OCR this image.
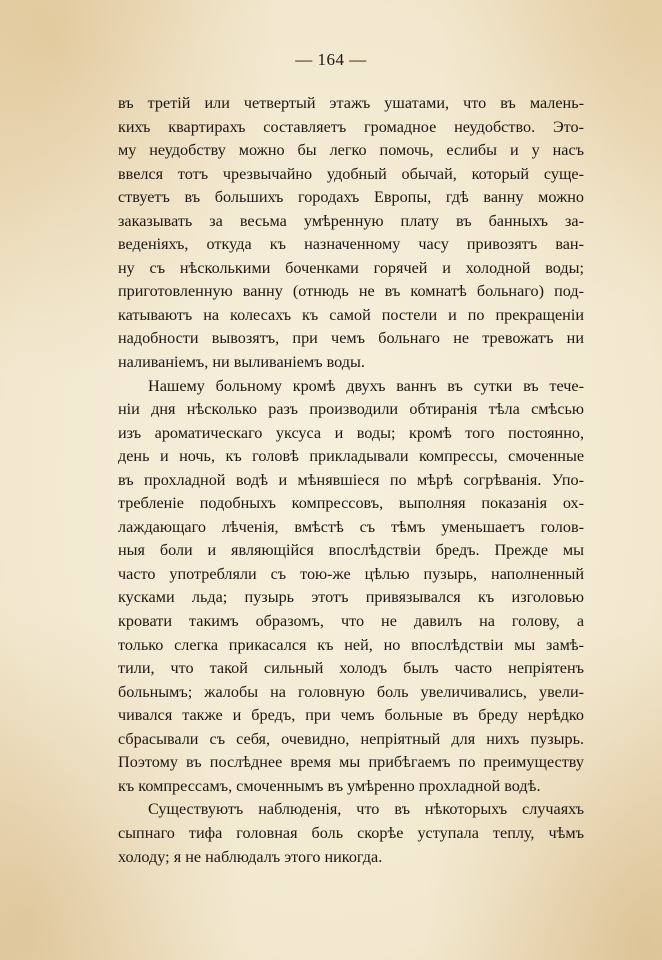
— 164 —
въ третій или четвертый этажъ ушатами, что въ малень-
кихъ квартирахъ составляетъ громадное неудобство. Это-
му неудобству можно бы легко помочь, еслибы и у насъ
ввелся тотъ чрезвычайно удобный обычай, который суще-
ствуетъ въ большихъ городахъ Европы, гдѣ ванну можно
заказывать за весьма умѣренную плату въ банныхъ за-
веденіяхъ, откуда къ назначенному часу привозятъ ван-
ну съ нѣсколькими боченками горячей и холодной воды;
приготовленную ванну (отнюдь не въ комнатѣ больнаго) под-
катываютъ на колесахъ къ самой постели и по прекращеніи
надобности вывозятъ, при чемъ больнаго не тревожатъ ни
наливаніемъ, ни выливаніемъ воды.
Нашему больному кромѣ двухъ ваннъ въ сутки въ тече-
ніи дня нѣсколько разъ производили обтиранія тѣла смѣсью
изъ ароматическаго уксуса и воды; кромѣ того постоянно,
день и ночь, къ головѣ прикладывали компрессы, смоченные
въ прохладной водѣ и мѣнявшіеся по мѣрѣ согрѣванія. Упо-
требленіе подобныхъ компрессовъ, выполняя показанія ох-
лаждающаго лѣченія, вмѣстѣ съ тѣмъ уменьшаетъ голов-
ныя боли и являющійся впослѣдствіи бредъ. Прежде мы
часто употребляли съ тою-же цѣлью пузырь, наполненный
кусками льда; пузырь этотъ привязывался къ изголовью
кровати такимъ образомъ, что не давилъ на голову, а
только слегка прикасался къ ней, но впослѣдствіи мы замѣ-
тили, что такой сильный холодъ былъ часто непріятенъ
больнымъ; жалобы на головную боль увеличивались, увели-
чивался также и бредъ, при чемъ больные въ бреду нерѣдко
сбрасывали съ себя, очевидно, непріятный для нихъ пузырь.
Поэтому въ послѣднее время мы прибѣгаемъ по преимуществу
къ компрессамъ, смоченнымъ въ умѣренно прохладной водѣ.
Существуютъ наблюденія, что въ нѣкоторыхъ случаяхъ
сыпнаго тифа головная боль скорѣе уступала теплу, чѣмъ
холоду; я не наблюдалъ этого никогда.
